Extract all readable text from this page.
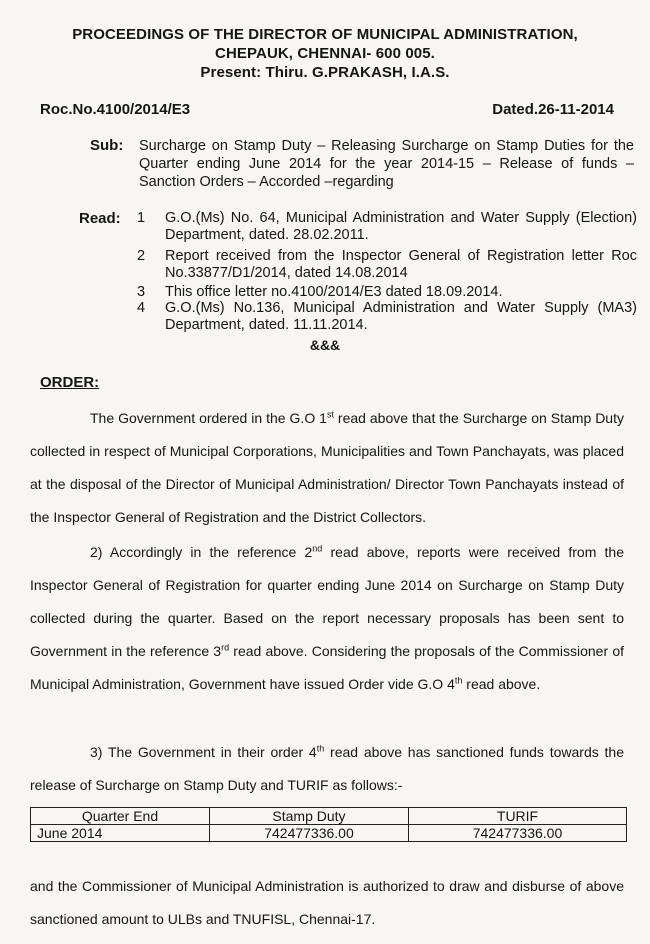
PROCEEDINGS OF THE DIRECTOR OF MUNICIPAL ADMINISTRATION,
CHEPAUK, CHENNAI- 600 005.
Present: Thiru. G.PRAKASH, I.A.S.
Roc.No.4100/2014/E3	Dated.26-11-2014
Sub: Surcharge on Stamp Duty – Releasing Surcharge on Stamp Duties for the Quarter ending June 2014 for the year 2014-15 – Release of funds – Sanction Orders – Accorded –regarding
Read: 1	G.O.(Ms) No. 64, Municipal Administration and Water Supply (Election) Department, dated. 28.02.2011.
2	Report received from the Inspector General of Registration letter Roc No.33877/D1/2014, dated 14.08.2014
3	This office letter no.4100/2014/E3 dated 18.09.2014.
4	G.O.(Ms) No.136, Municipal Administration and Water Supply (MA3) Department, dated. 11.11.2014.
&&&
ORDER:

The Government ordered in the G.O 1st read above that the Surcharge on Stamp Duty collected in respect of Municipal Corporations, Municipalities and Town Panchayats, was placed at the disposal of the Director of Municipal Administration/ Director Town Panchayats instead of the Inspector General of Registration and the District Collectors.

2) Accordingly in the reference 2nd read above, reports were received from the Inspector General of Registration for quarter ending June 2014 on Surcharge on Stamp Duty collected during the quarter. Based on the report necessary proposals has been sent to Government in the reference 3rd read above. Considering the proposals of the Commissioner of Municipal Administration, Government have issued Order vide G.O 4th read above.

3) The Government in their order 4th read above has sanctioned funds towards the release of Surcharge on Stamp Duty and TURIF as follows:-

Quarter End	Stamp Duty	TURIF
June 2014	742477336.00	742477336.00

and the Commissioner of Municipal Administration is authorized to draw and disburse of above sanctioned amount to ULBs and TNUFISL, Chennai-17.
